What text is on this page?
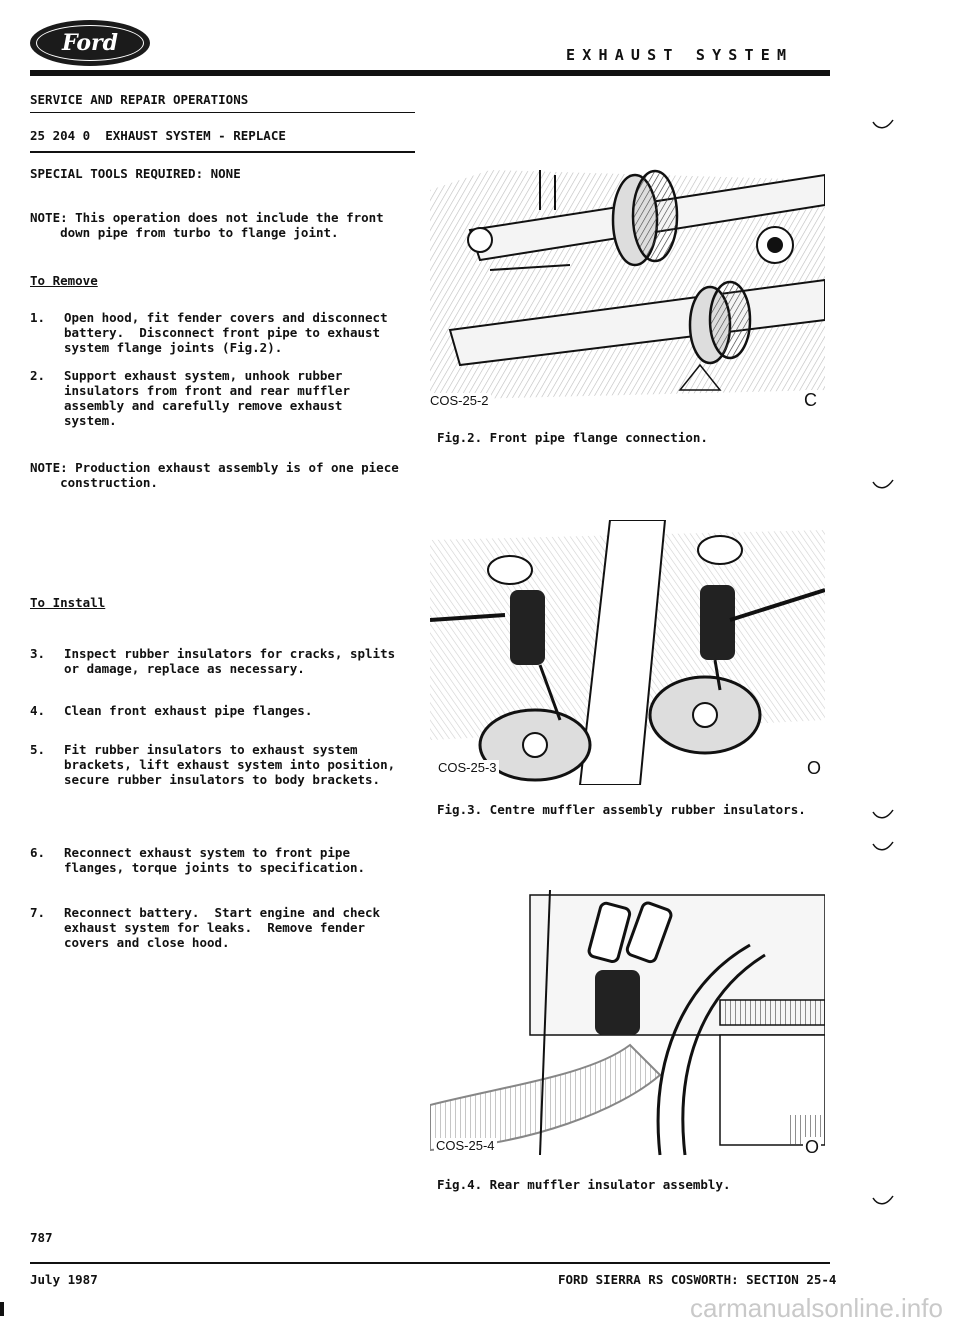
Ford	EXHAUST SYSTEM
SERVICE AND REPAIR OPERATIONS
25 204 0  EXHAUST SYSTEM - REPLACE
SPECIAL TOOLS REQUIRED: NONE
NOTE: This operation does not include the front
down pipe from turbo to flange joint.
To Remove
1. Open hood, fit fender covers and disconnect
battery.  Disconnect front pipe to exhaust
system flange joints (Fig.2).
2. Support exhaust system, unhook rubber
insulators from front and rear muffler
assembly and carefully remove exhaust
system.
NOTE: Production exhaust assembly is of one piece
construction.
To Install
3. Inspect rubber insulators for cracks, splits
or damage, replace as necessary.
4. Clean front exhaust pipe flanges.
5. Fit rubber insulators to exhaust system
brackets, lift exhaust system into position,
secure rubber insulators to body brackets.
6. Reconnect exhaust system to front pipe
flanges, torque joints to specification.
7. Reconnect battery.  Start engine and check
exhaust system for leaks.  Remove fender
covers and close hood.
COS-25-2	C
Fig.2. Front pipe flange connection.
COS-25-3	O
Fig.3. Centre muffler assembly rubber insulators.
COS-25-4	O
Fig.4. Rear muffler insulator assembly.
787
July 1987	FORD SIERRA RS COSWORTH: SECTION 25-4
carmanualsonline.info
